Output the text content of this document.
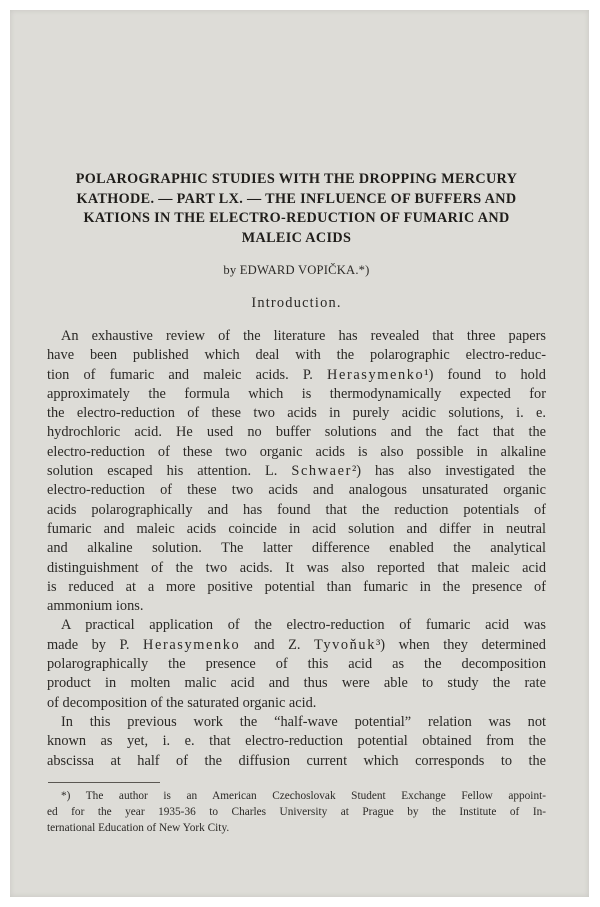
POLAROGRAPHIC STUDIES WITH THE DROPPING MERCURY
KATHODE. — PART LX. — THE INFLUENCE OF BUFFERS AND
KATIONS IN THE ELECTRO-REDUCTION OF FUMARIC AND
MALEIC ACIDS
by EDWARD VOPIČKA.*)
Introduction.
An exhaustive review of the literature has revealed that three papers
have been published which deal with the polarographic electro-reduc-
tion of fumaric and maleic acids. P. Herasymenko¹) found to hold
approximately the formula which is thermodynamically expected for
the electro-reduction of these two acids in purely acidic solutions, i. e.
hydrochloric acid. He used no buffer solutions and the fact that the
electro-reduction of these two organic acids is also possible in alkaline
solution escaped his attention. L. Schwaer²) has also investigated the
electro-reduction of these two acids and analogous unsaturated organic
acids polarographically and has found that the reduction potentials of
fumaric and maleic acids coincide in acid solution and differ in neutral
and alkaline solution. The latter difference enabled the analytical
distinguishment of the two acids. It was also reported that maleic acid
is reduced at a more positive potential than fumaric in the presence of
ammonium ions.
A practical application of the electro-reduction of fumaric acid was
made by P. Herasymenko and Z. Tyvoňuk³) when they determined
polarographically the presence of this acid as the decomposition
product in molten malic acid and thus were able to study the rate
of decomposition of the saturated organic acid.
In this previous work the “half-wave potential” relation was not
known as yet, i. e. that electro-reduction potential obtained from the
abscissa at half of the diffusion current which corresponds to the
*) The author is an American Czechoslovak Student Exchange Fellow appoint-
ed for the year 1935-36 to Charles University at Prague by the Institute of In-
ternational Education of New York City.
